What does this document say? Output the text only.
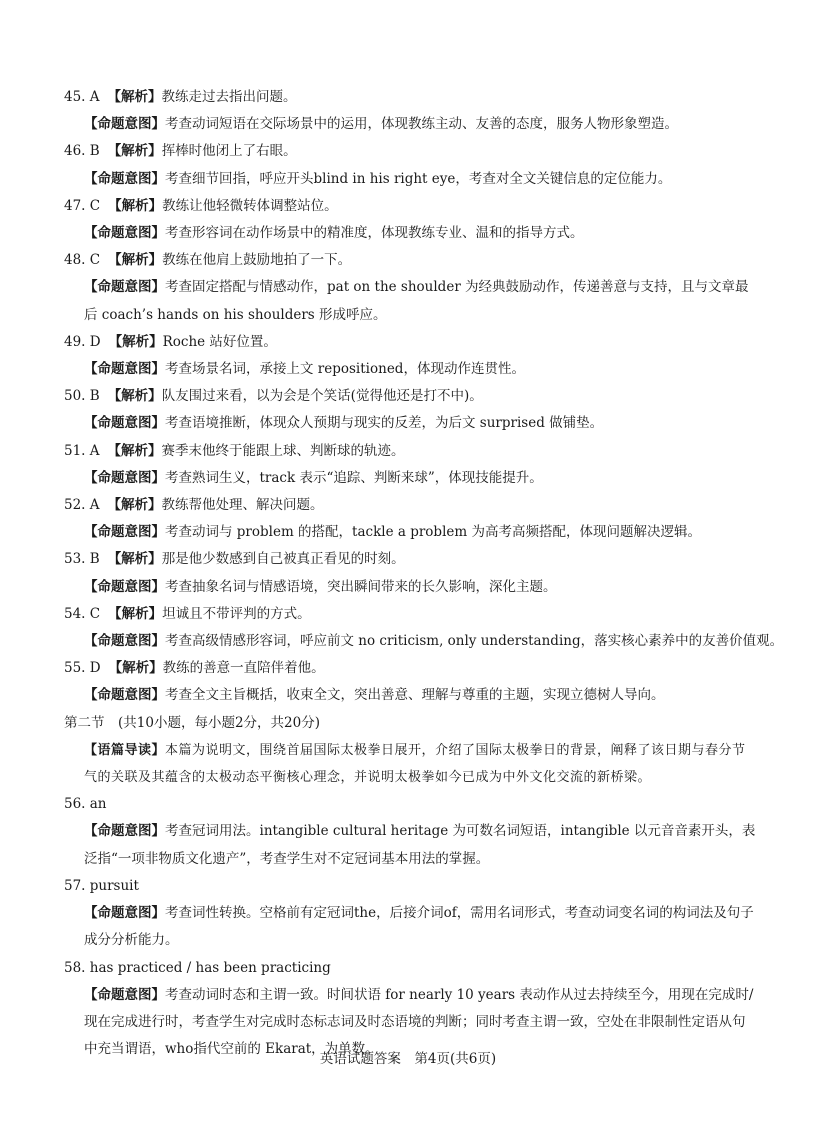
45. A 【解析】教练走过去指出问题。
【命题意图】考查动词短语在交际场景中的运用，体现教练主动、友善的态度，服务人物形象塑造。
46. B 【解析】挥棒时他闭上了右眼。
【命题意图】考查细节回指，呼应开头blind in his right eye，考查对全文关键信息的定位能力。
47. C 【解析】教练让他轻微转体调整站位。
【命题意图】考查形容词在动作场景中的精准度，体现教练专业、温和的指导方式。
48. C 【解析】教练在他肩上鼓励地拍了一下。
【命题意图】考查固定搭配与情感动作，pat on the shoulder 为经典鼓励动作，传递善意与支持，且与文章最后 coach’s hands on his shoulders 形成呼应。
49. D 【解析】Roche 站好位置。
【命题意图】考查场景名词，承接上文 repositioned，体现动作连贯性。
50. B 【解析】队友围过来看，以为会是个笑话(觉得他还是打不中)。
【命题意图】考查语境推断，体现众人预期与现实的反差，为后文 surprised 做铺垫。
51. A 【解析】赛季末他终于能跟上球、判断球的轨迹。
【命题意图】考查熟词生义，track 表示“追踪、判断来球”，体现技能提升。
52. A 【解析】教练帮他处理、解决问题。
【命题意图】考查动词与 problem 的搭配，tackle a problem 为高考高频搭配，体现问题解决逻辑。
53. B 【解析】那是他少数感到自己被真正看见的时刻。
【命题意图】考查抽象名词与情感语境，突出瞬间带来的长久影响，深化主题。
54. C 【解析】坦诚且不带评判的方式。
【命题意图】考查高级情感形容词，呼应前文 no criticism, only understanding，落实核心素养中的友善价值观。
55. D 【解析】教练的善意一直陪伴着他。
【命题意图】考查全文主旨概括，收束全文，突出善意、理解与尊重的主题，实现立德树人导向。
第二节　(共10小题，每小题2分，共20分)
【语篇导读】本篇为说明文，围绕首届国际太极拳日展开，介绍了国际太极拳日的背景，阐释了该日期与春分节气的关联及其蕴含的太极动态平衡核心理念，并说明太极拳如今已成为中外文化交流的新桥梁。
56. an
【命题意图】考查冠词用法。intangible cultural heritage 为可数名词短语，intangible 以元音音素开头，表泛指“一项非物质文化遗产”，考查学生对不定冠词基本用法的掌握。
57. pursuit
【命题意图】考查词性转换。空格前有定冠词the，后接介词of，需用名词形式，考查动词变名词的构词法及句子成分分析能力。
58. has practiced / has been practicing
【命题意图】考查动词时态和主谓一致。时间状语 for nearly 10 years 表动作从过去持续至今，用现在完成时/现在完成进行时，考查学生对完成时态标志词及时态语境的判断；同时考查主谓一致，空处在非限制性定语从句中充当谓语，who指代空前的 Ekarat，为单数。
英语试题答案　第4页(共6页)
